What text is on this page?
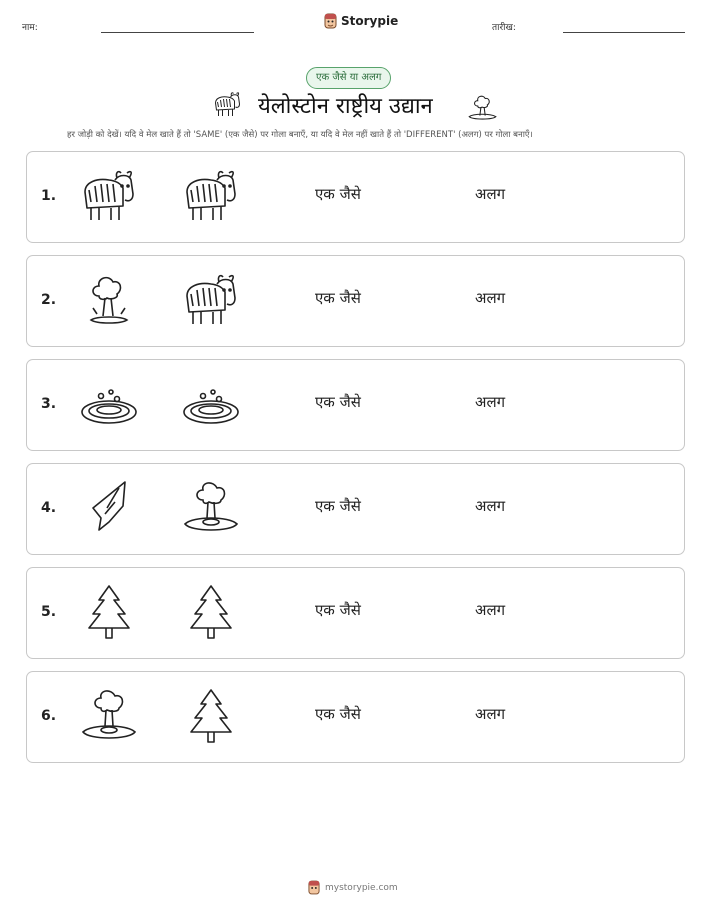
नाम:	Storypie	तारीख:
एक जैसे या अलग
येलोस्टोन राष्ट्रीय उद्यान
हर जोड़ी को देखें। यदि वे मेल खाते हैं तो 'SAME' (एक जैसे) पर गोला बनाएँ, या यदि वे मेल नहीं खाते हैं तो 'DIFFERENT' (अलग) पर गोला बनाएँ।
1.	एक जैसे	अलग
2.	एक जैसे	अलग
3.	एक जैसे	अलग
4.	एक जैसे	अलग
5.	एक जैसे	अलग
6.	एक जैसे	अलग
mystorypie.com
